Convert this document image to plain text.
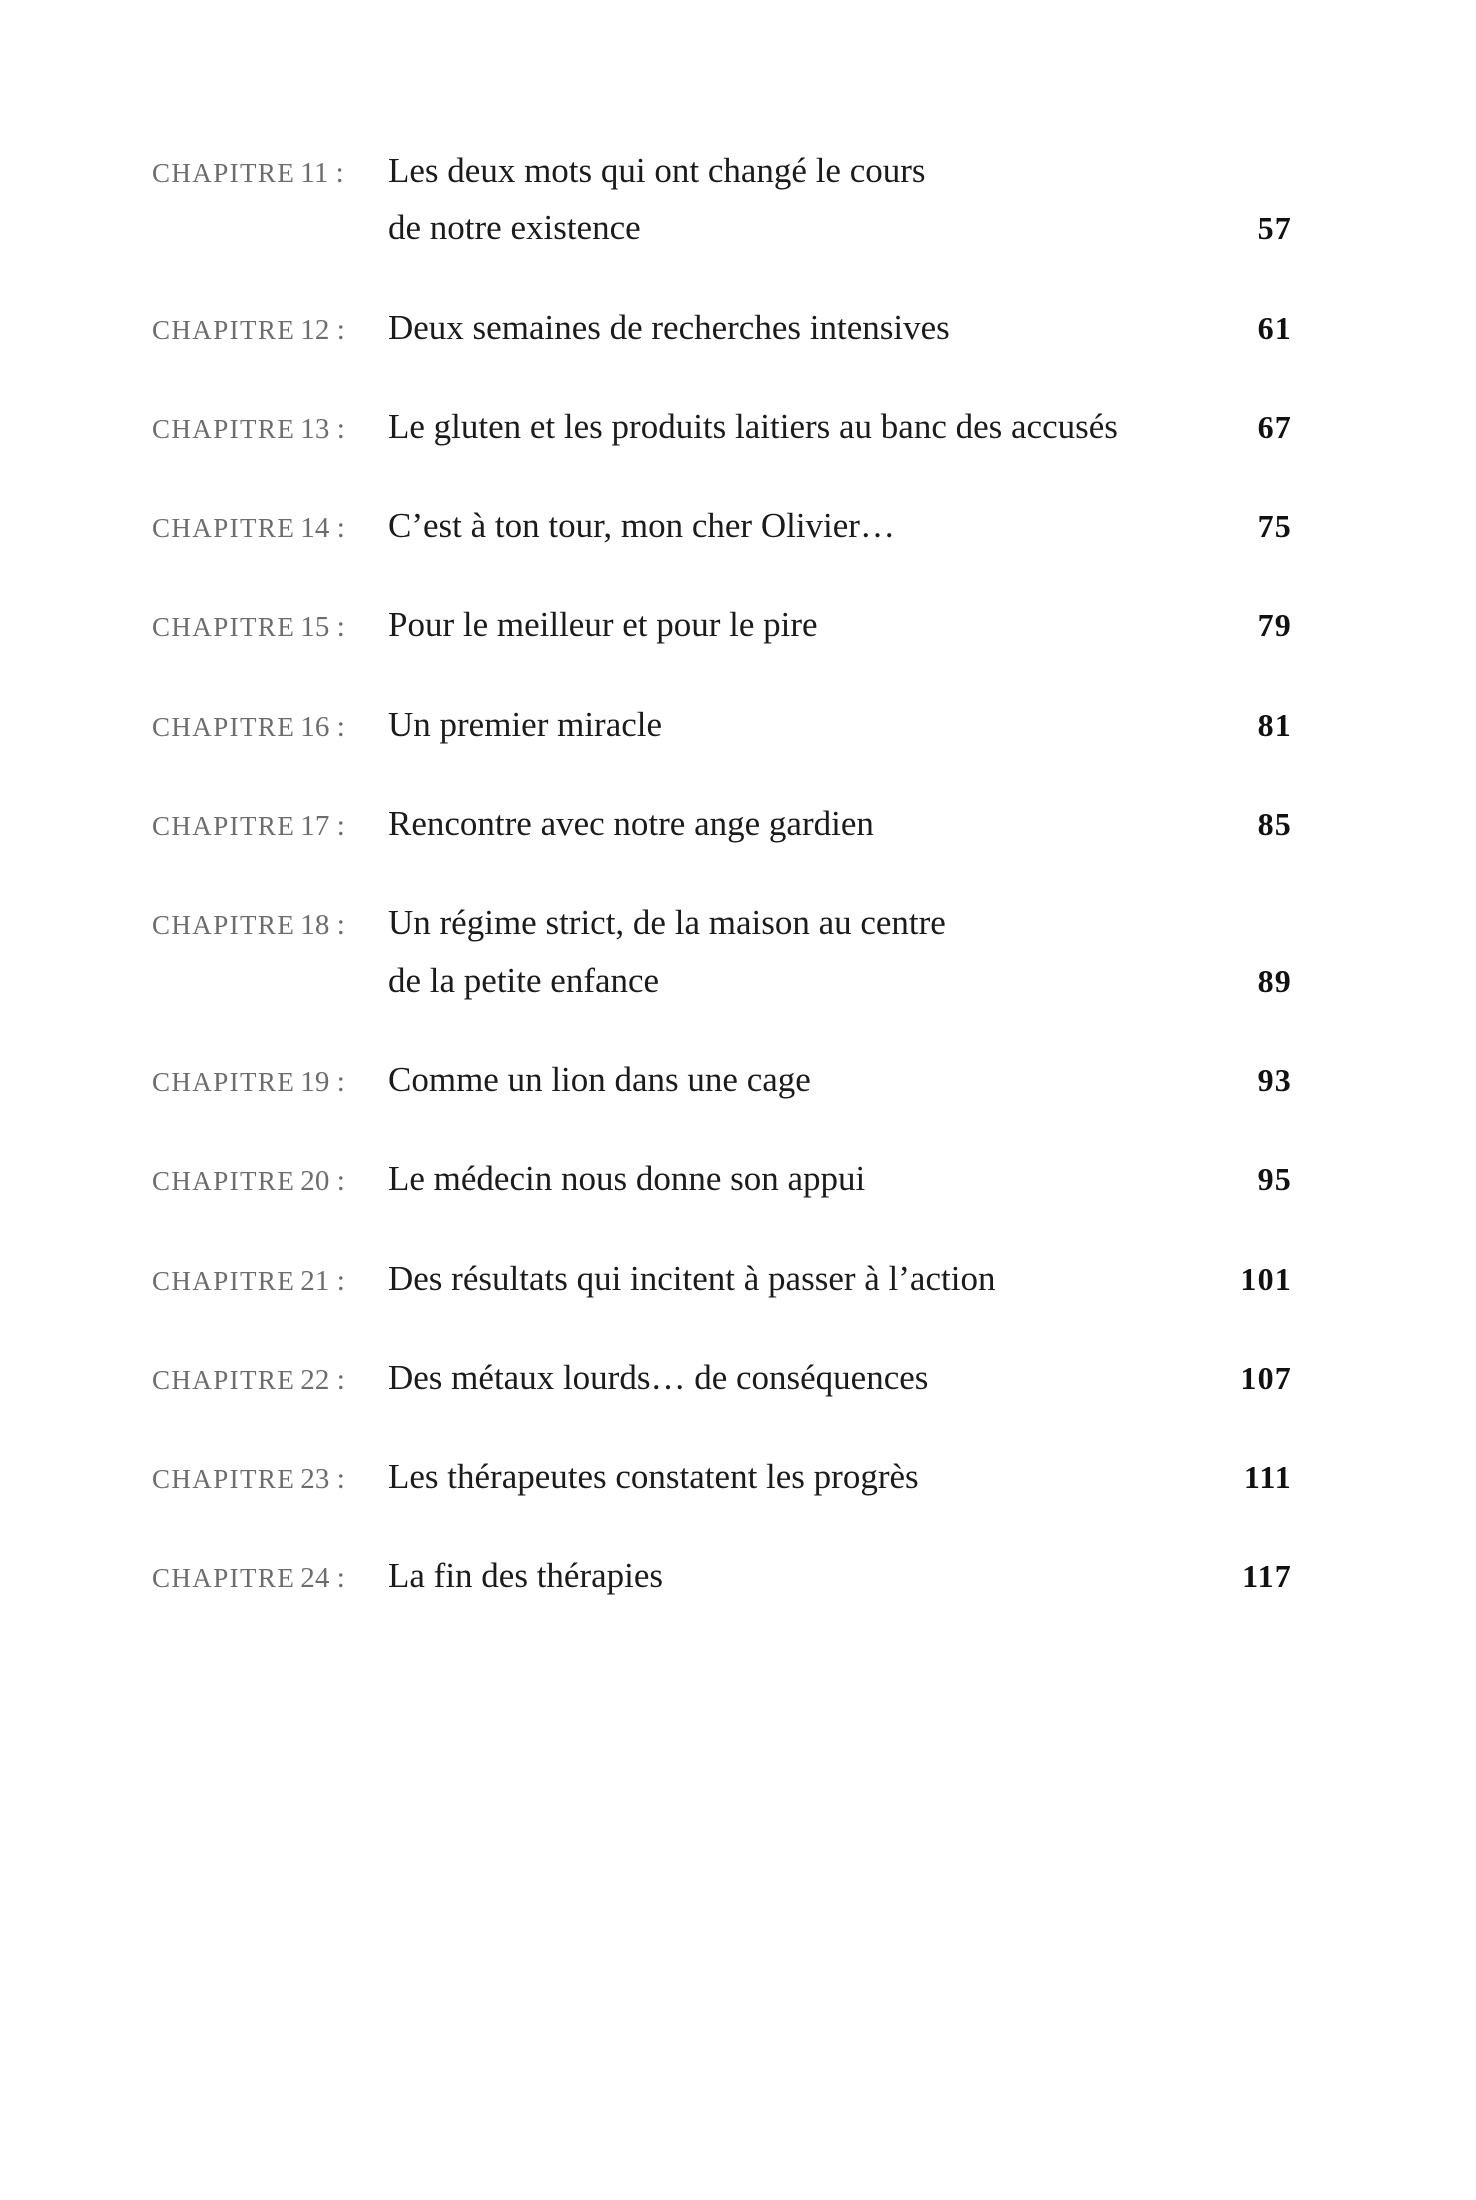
CHAPITRE 11 :	Les deux mots qui ont changé le cours
de notre existence	57
CHAPITRE 12 :	Deux semaines de recherches intensives	61
CHAPITRE 13 :	Le gluten et les produits laitiers au banc des accusés	67
CHAPITRE 14 :	C’est à ton tour, mon cher Olivier…	75
CHAPITRE 15 :	Pour le meilleur et pour le pire	79
CHAPITRE 16 :	Un premier miracle	81
CHAPITRE 17 :	Rencontre avec notre ange gardien	85
CHAPITRE 18 :	Un régime strict, de la maison au centre
de la petite enfance	89
CHAPITRE 19 :	Comme un lion dans une cage	93
CHAPITRE 20 :	Le médecin nous donne son appui	95
CHAPITRE 21 :	Des résultats qui incitent à passer à l’action	101
CHAPITRE 22 :	Des métaux lourds… de conséquences	107
CHAPITRE 23 :	Les thérapeutes constatent les progrès	111
CHAPITRE 24 :	La fin des thérapies	117
